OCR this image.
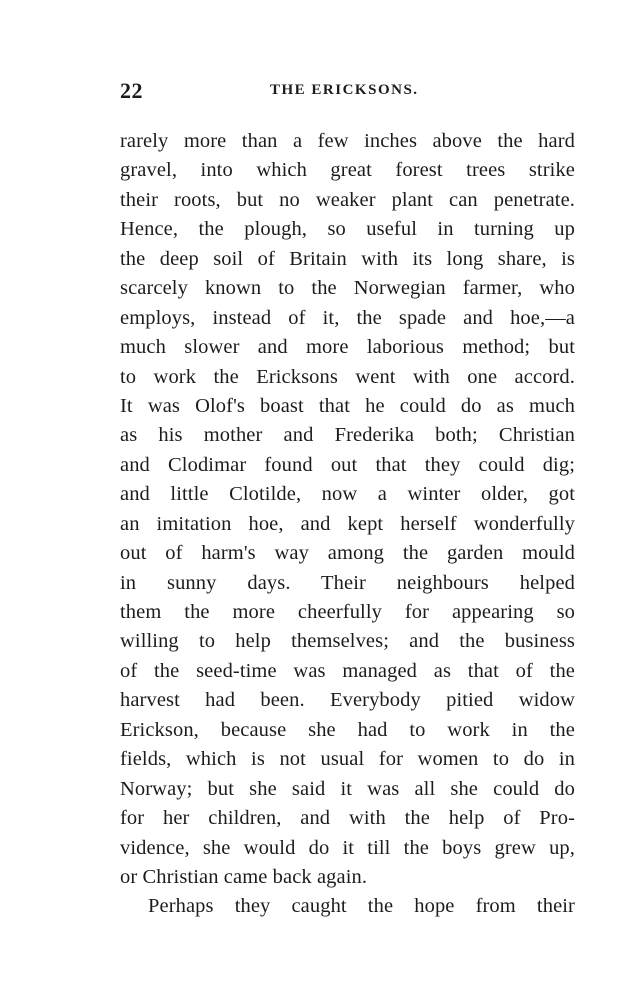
22	THE ERICKSONS.
rarely more than a few inches above the hard
gravel, into which great forest trees strike
their roots, but no weaker plant can penetrate.
Hence, the plough, so useful in turning up
the deep soil of Britain with its long share, is
scarcely known to the Norwegian farmer, who
employs, instead of it, the spade and hoe,—a
much slower and more laborious method; but
to work the Ericksons went with one accord.
It was Olof's boast that he could do as much
as his mother and Frederika both; Christian
and Clodimar found out that they could dig;
and little Clotilde, now a winter older, got
an imitation hoe, and kept herself wonderfully
out of harm's way among the garden mould
in sunny days. Their neighbours helped
them the more cheerfully for appearing so
willing to help themselves; and the business
of the seed-time was managed as that of the
harvest had been. Everybody pitied widow
Erickson, because she had to work in the
fields, which is not usual for women to do in
Norway; but she said it was all she could do
for her children, and with the help of Pro-
vidence, she would do it till the boys grew up,
or Christian came back again.
Perhaps they caught the hope from their
